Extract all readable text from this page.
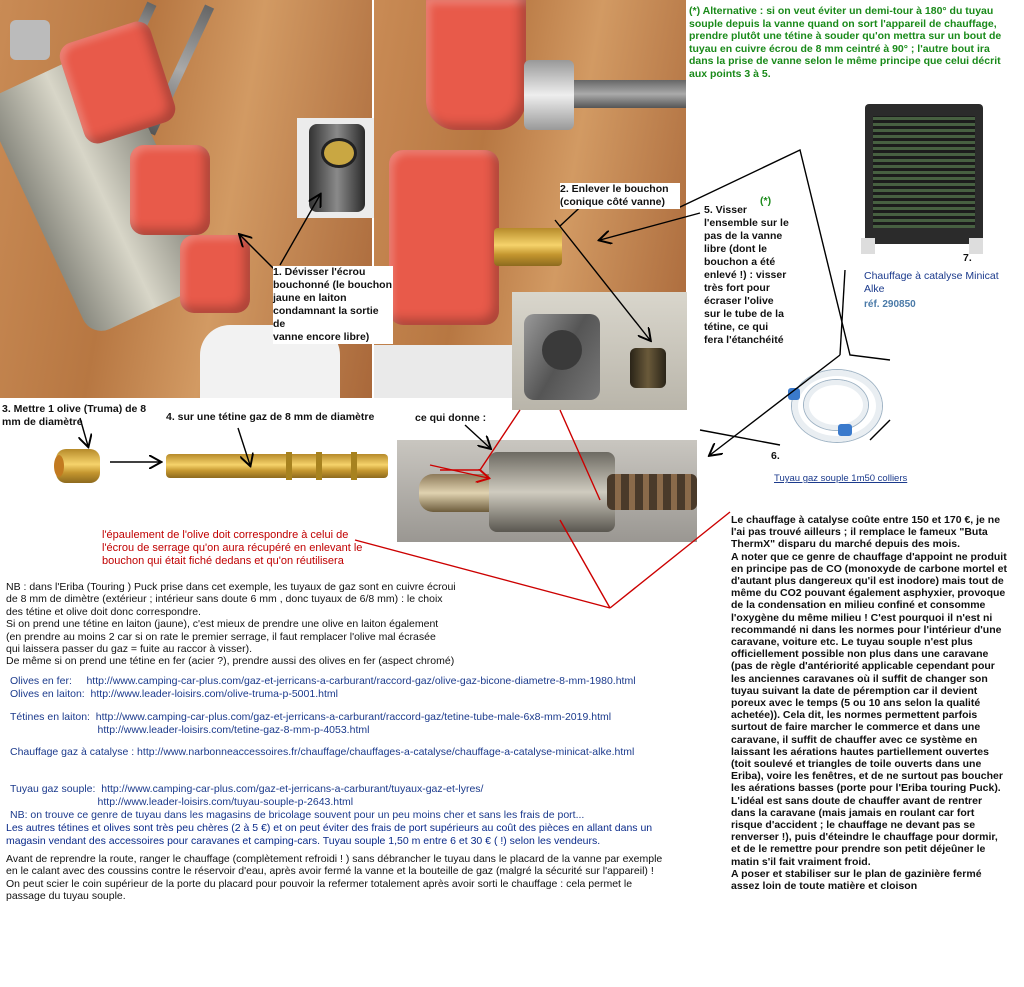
(*) Alternative : si on veut éviter un demi-tour à 180° du tuyau
souple depuis la vanne quand on sort l'appareil de chauffage,
prendre plutôt une tétine à souder qu'on mettra sur un bout de
tuyau en cuivre écrou de 8 mm ceintré à 90° ; l'autre bout ira
dans la prise de vanne selon le même principe que celui décrit
aux points 3 à 5.
7.
Chauffage à catalyse Minicat
Alke
réf. 290850
1. Dévisser l'écrou
bouchonné (le bouchon
jaune en laiton
condamnant la sortie de
vanne encore libre)
2. Enlever le bouchon
(conique côté vanne)	(*)
5. Visser
l'ensemble sur le
pas de la vanne
libre (dont le
bouchon a été
enlevé !) : visser
très fort pour
écraser l'olive
sur le tube de la
tétine, ce qui
fera l'étanchéité
3. Mettre 1 olive (Truma) de 8
mm de diamètre	4. sur une tétine gaz de 8 mm de diamètre	ce qui donne :
6.
Tuyau gaz souple 1m50 colliers
l'épaulement de l'olive doit correspondre à celui de
l'écrou de serrage qu'on aura récupéré en enlevant le
bouchon qui était fiché dedans et qu'on réutilisera
NB : dans l'Eriba (Touring ) Puck prise dans cet exemple, les tuyaux de gaz sont en cuivre écroui
de 8 mm de dimètre (extérieur ; intérieur sans doute 6 mm , donc tuyaux de 6/8 mm) : le choix
des tétine et olive doit donc correspondre.
Si on prend une tétine en laiton (jaune), c'est mieux de prendre une olive en laiton également
(en prendre au moins 2 car si on rate le premier serrage, il faut remplacer l'olive mal écrasée
qui laissera passer du gaz = fuite au raccor à visser).
De même si on prend une tétine en fer (acier ?), prendre aussi des olives en fer (aspect chromé)
Olives en fer:     http://www.camping-car-plus.com/gaz-et-jerricans-a-carburant/raccord-gaz/olive-gaz-bicone-diametre-8-mm-1980.html
Olives en laiton:  http://www.leader-loisirs.com/olive-truma-p-5001.html
Tétines en laiton:  http://www.camping-car-plus.com/gaz-et-jerricans-a-carburant/raccord-gaz/tetine-tube-male-6x8-mm-2019.html
http://www.leader-loisirs.com/tetine-gaz-8-mm-p-4053.html
Chauffage gaz à catalyse : http://www.narbonneaccessoires.fr/chauffage/chauffages-a-catalyse/chauffage-a-catalyse-minicat-alke.html
Tuyau gaz souple:  http://www.camping-car-plus.com/gaz-et-jerricans-a-carburant/tuyaux-gaz-et-lyres/
http://www.leader-loisirs.com/tuyau-souple-p-2643.html
NB: on trouve ce genre de tuyau dans les magasins de bricolage souvent pour un peu moins cher et sans les frais de port...
Les autres tétines et olives sont très peu chères (2 à 5 €) et on peut éviter des frais de port supérieurs au coût des pièces en allant dans un
magasin vendant des accessoires pour caravanes et camping-cars. Tuyau souple 1,50 m entre 6 et 30 € ( !) selon les vendeurs.
Avant de reprendre la route, ranger le chauffage (complètement refroidi ! ) sans débrancher le tuyau dans le placard de la vanne par exemple
en le calant avec des coussins contre le réservoir d'eau, après avoir fermé la vanne et la bouteille de gaz (malgré la sécurité sur l'appareil) !
On peut scier le coin supérieur de la porte du placard pour pouvoir la refermer totalement après avoir sorti le chauffage : cela permet le
passage du tuyau souple.
Le chauffage à catalyse coûte entre 150 et 170 €, je ne
l'ai pas trouvé ailleurs ; il remplace le fameux "Buta
ThermX" disparu du marché depuis des mois.
A noter que ce genre de chauffage d'appoint ne produit
en principe pas de CO (monoxyde de carbone mortel et
d'autant plus dangereux qu'il est inodore) mais tout de
même du CO2 pouvant également asphyxier, provoque
de la condensation en milieu confiné et consomme
l'oxygène du même milieu ! C'est pourquoi il n'est ni
recommandé ni dans les normes pour l'intérieur d'une
caravane, voiture etc. Le tuyau souple n'est plus
officiellement possible non plus dans une caravane
(pas de règle d'antériorité applicable cependant pour
les anciennes caravanes où il suffit de changer son
tuyau suivant la date de péremption car il devient
poreux avec le temps (5 ou 10 ans selon la qualité
achetée)). Cela dit, les normes permettent parfois
surtout de faire marcher le commerce et dans une
caravane, il suffit de chauffer avec ce système en
laissant les aérations hautes partiellement ouvertes
(toit soulevé et triangles de toile ouverts dans une
Eriba), voire les fenêtres, et de ne surtout pas boucher
les aérations basses (porte pour l'Eriba touring Puck).
L'idéal est sans doute de chauffer avant de rentrer
dans la caravane (mais jamais en roulant car fort
risque d'accident ; le chauffage ne devant pas se
renverser !), puis d'éteindre le chauffage pour dormir,
et de le remettre pour prendre son petit déjeûner le
matin s'il fait vraiment froid.
A poser et stabiliser sur le plan de gazinière fermé
assez loin de toute matière et cloison
